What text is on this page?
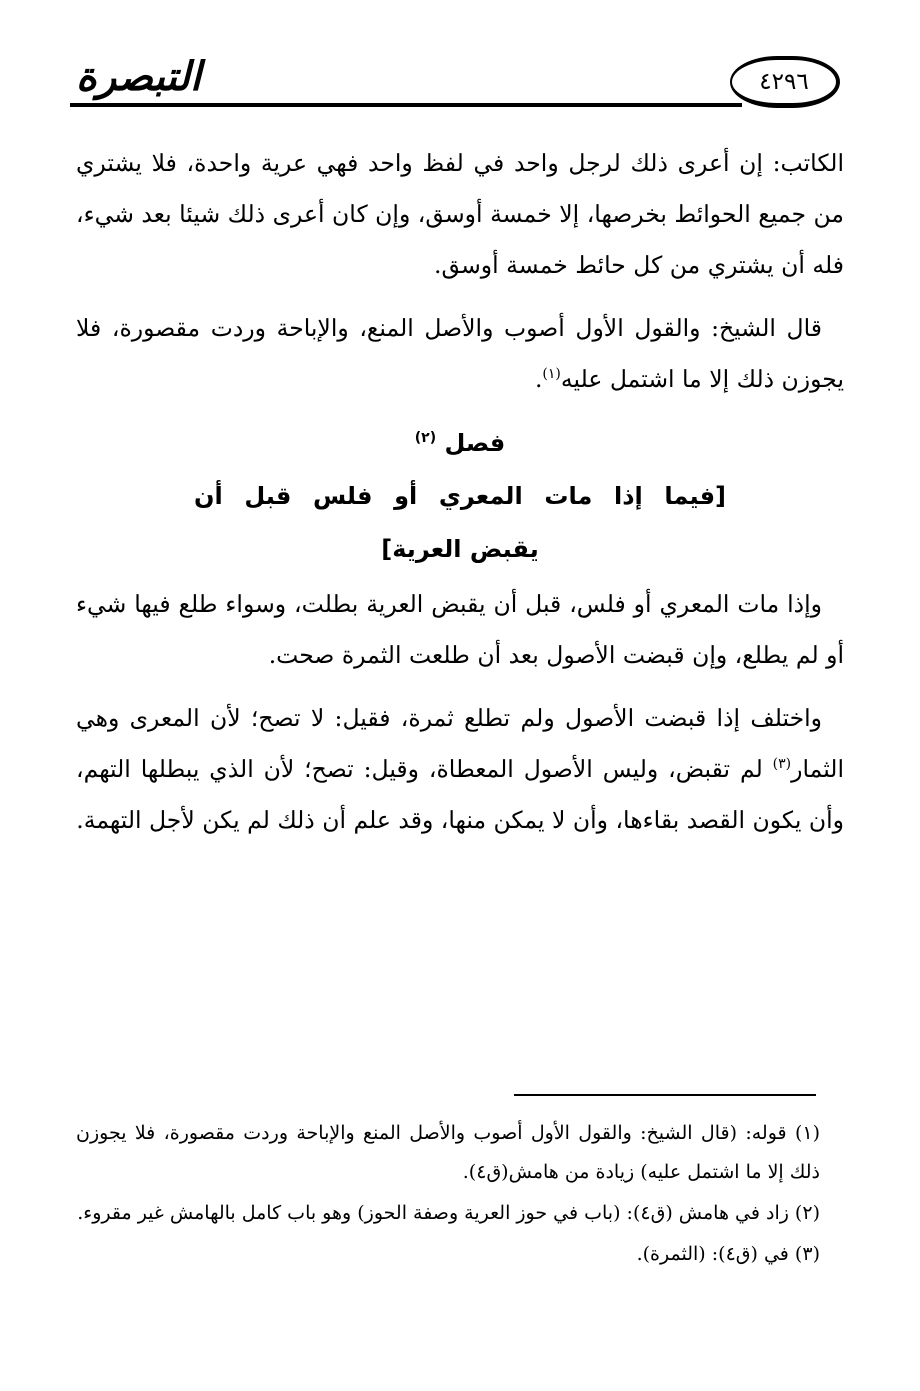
التبصرة	٤٢٩٦

الكاتب: إن أعرى ذلك لرجل واحد في لفظ واحد فهي عرية واحدة، فلا يشتري من جميع الحوائط بخرصها، إلا خمسة أوسق، وإن كان أعرى ذلك شيئا بعد شيء، فله أن يشتري من كل حائط خمسة أوسق.

قال الشيخ: والقول الأول أصوب والأصل المنع، والإباحة وردت مقصورة، فلا يجوزن ذلك إلا ما اشتمل عليه$^{(١)}$.

فصل $^{(٢)}$
[فيما إذا مات المعري أو فلس قبل أن
يقبض العرية]

وإذا مات المعري أو فلس، قبل أن يقبض العرية بطلت، وسواء طلع فيها شيء أو لم يطلع، وإن قبضت الأصول بعد أن طلعت الثمرة صحت.

واختلف إذا قبضت الأصول ولم تطلع ثمرة، فقيل: لا تصح؛ لأن المعرى وهي الثمار$^{(٣)}$ لم تقبض، وليس الأصول المعطاة، وقيل: تصح؛ لأن الذي يبطلها التهم، وأن يكون القصد بقاءها، وأن لا يمكن منها، وقد علم أن ذلك لم يكن لأجل التهمة.

(١) قوله: (قال الشيخ: والقول الأول أصوب والأصل المنع والإباحة وردت مقصورة، فلا يجوزن ذلك إلا ما اشتمل عليه) زيادة من هامش(ق٤).

(٢) زاد في هامش (ق٤): (باب في حوز العرية وصفة الحوز) وهو باب كامل بالهامش غير مقروء.

(٣) في (ق٤): (الثمرة).
